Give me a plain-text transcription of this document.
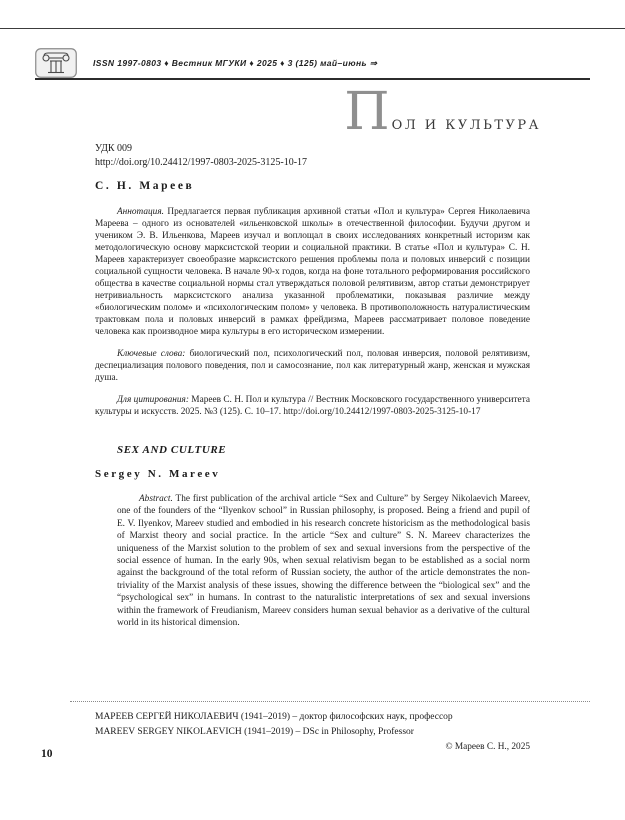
ISSN 1997-0803 ♦ Вестник МГУКИ ♦ 2025 ♦ 3 (125) май–июнь ⇒
ПОЛ И КУЛЬТУРА
УДК 009
http://doi.org/10.24412/1997-0803-2025-3125-10-17
С. Н. Мареев

Аннотация. Предлагается первая публикация архивной статьи «Пол и культура» Сергея Николаевича Мареева – одного из основателей «ильенковской школы» в отечественной философии. Будучи другом и учеником Э. В. Ильенкова, Мареев изучал и воплощал в своих исследованиях конкретный историзм как методологическую основу марксистской теории и социальной практики. В статье «Пол и культура» С. Н. Мареев характеризует своеобразие марксистского решения проблемы пола и половых инверсий с позиции социальной сущности человека. В начале 90-х годов, когда на фоне тотального реформирования российского общества в качестве социальной нормы стал утверждаться половой релятивизм, автор статьи демонстрирует нетривиальность марксистского анализа указанной проблематики, показывая различие между «биологическим полом» и «психологическим полом» у человека. В противоположность натуралистическим трактовкам пола и половых инверсий в рамках фрейдизма, Мареев рассматривает половое поведение человека как производное мира культуры в его историческом измерении.

Ключевые слова: биологический пол, психологический пол, половая инверсия, половой релятивизм, деспециализация полового поведения, пол и самосознание, пол как литературный жанр, женская и мужская душа.

Для цитирования: Мареев С. Н. Пол и культура // Вестник Московского государственного университета культуры и искусств. 2025. №3 (125). С. 10–17. http://doi.org/10.24412/1997-0803-2025-3125-10-17

SEX AND CULTURE
Sergey N. Mareev

Abstract. The first publication of the archival article “Sex and Culture” by Sergey Nikolaevich Mareev, one of the founders of the “Ilyenkov school” in Russian philosophy, is proposed. Being a friend and pupil of E. V. Ilyenkov, Mareev studied and embodied in his research concrete historicism as the methodological basis of Marxist theory and social practice. In the article “Sex and culture” S. N. Mareev characterizes the uniqueness of the Marxist solution to the problem of sex and sexual inversions from the perspective of the social essence of human. In the early 90s, when sexual relativism began to be established as a social norm against the background of the total reform of Russian society, the author of the article demonstrates the non-triviality of the Marxist analysis of these issues, showing the difference between the “biological sex” and the “psychological sex” in humans. In contrast to the naturalistic interpretations of sex and sexual inversions within the framework of Freudianism, Mareev considers human sexual behavior as a derivative of the cultural world in its historical dimension.

МАРЕЕВ СЕРГЕЙ НИКОЛАЕВИЧ (1941–2019) – доктор философских наук, профессор
MAREEV SERGEY NIKOLAEVICH (1941–2019) – DSc in Philosophy, Professor
© Мареев С. Н., 2025
10
